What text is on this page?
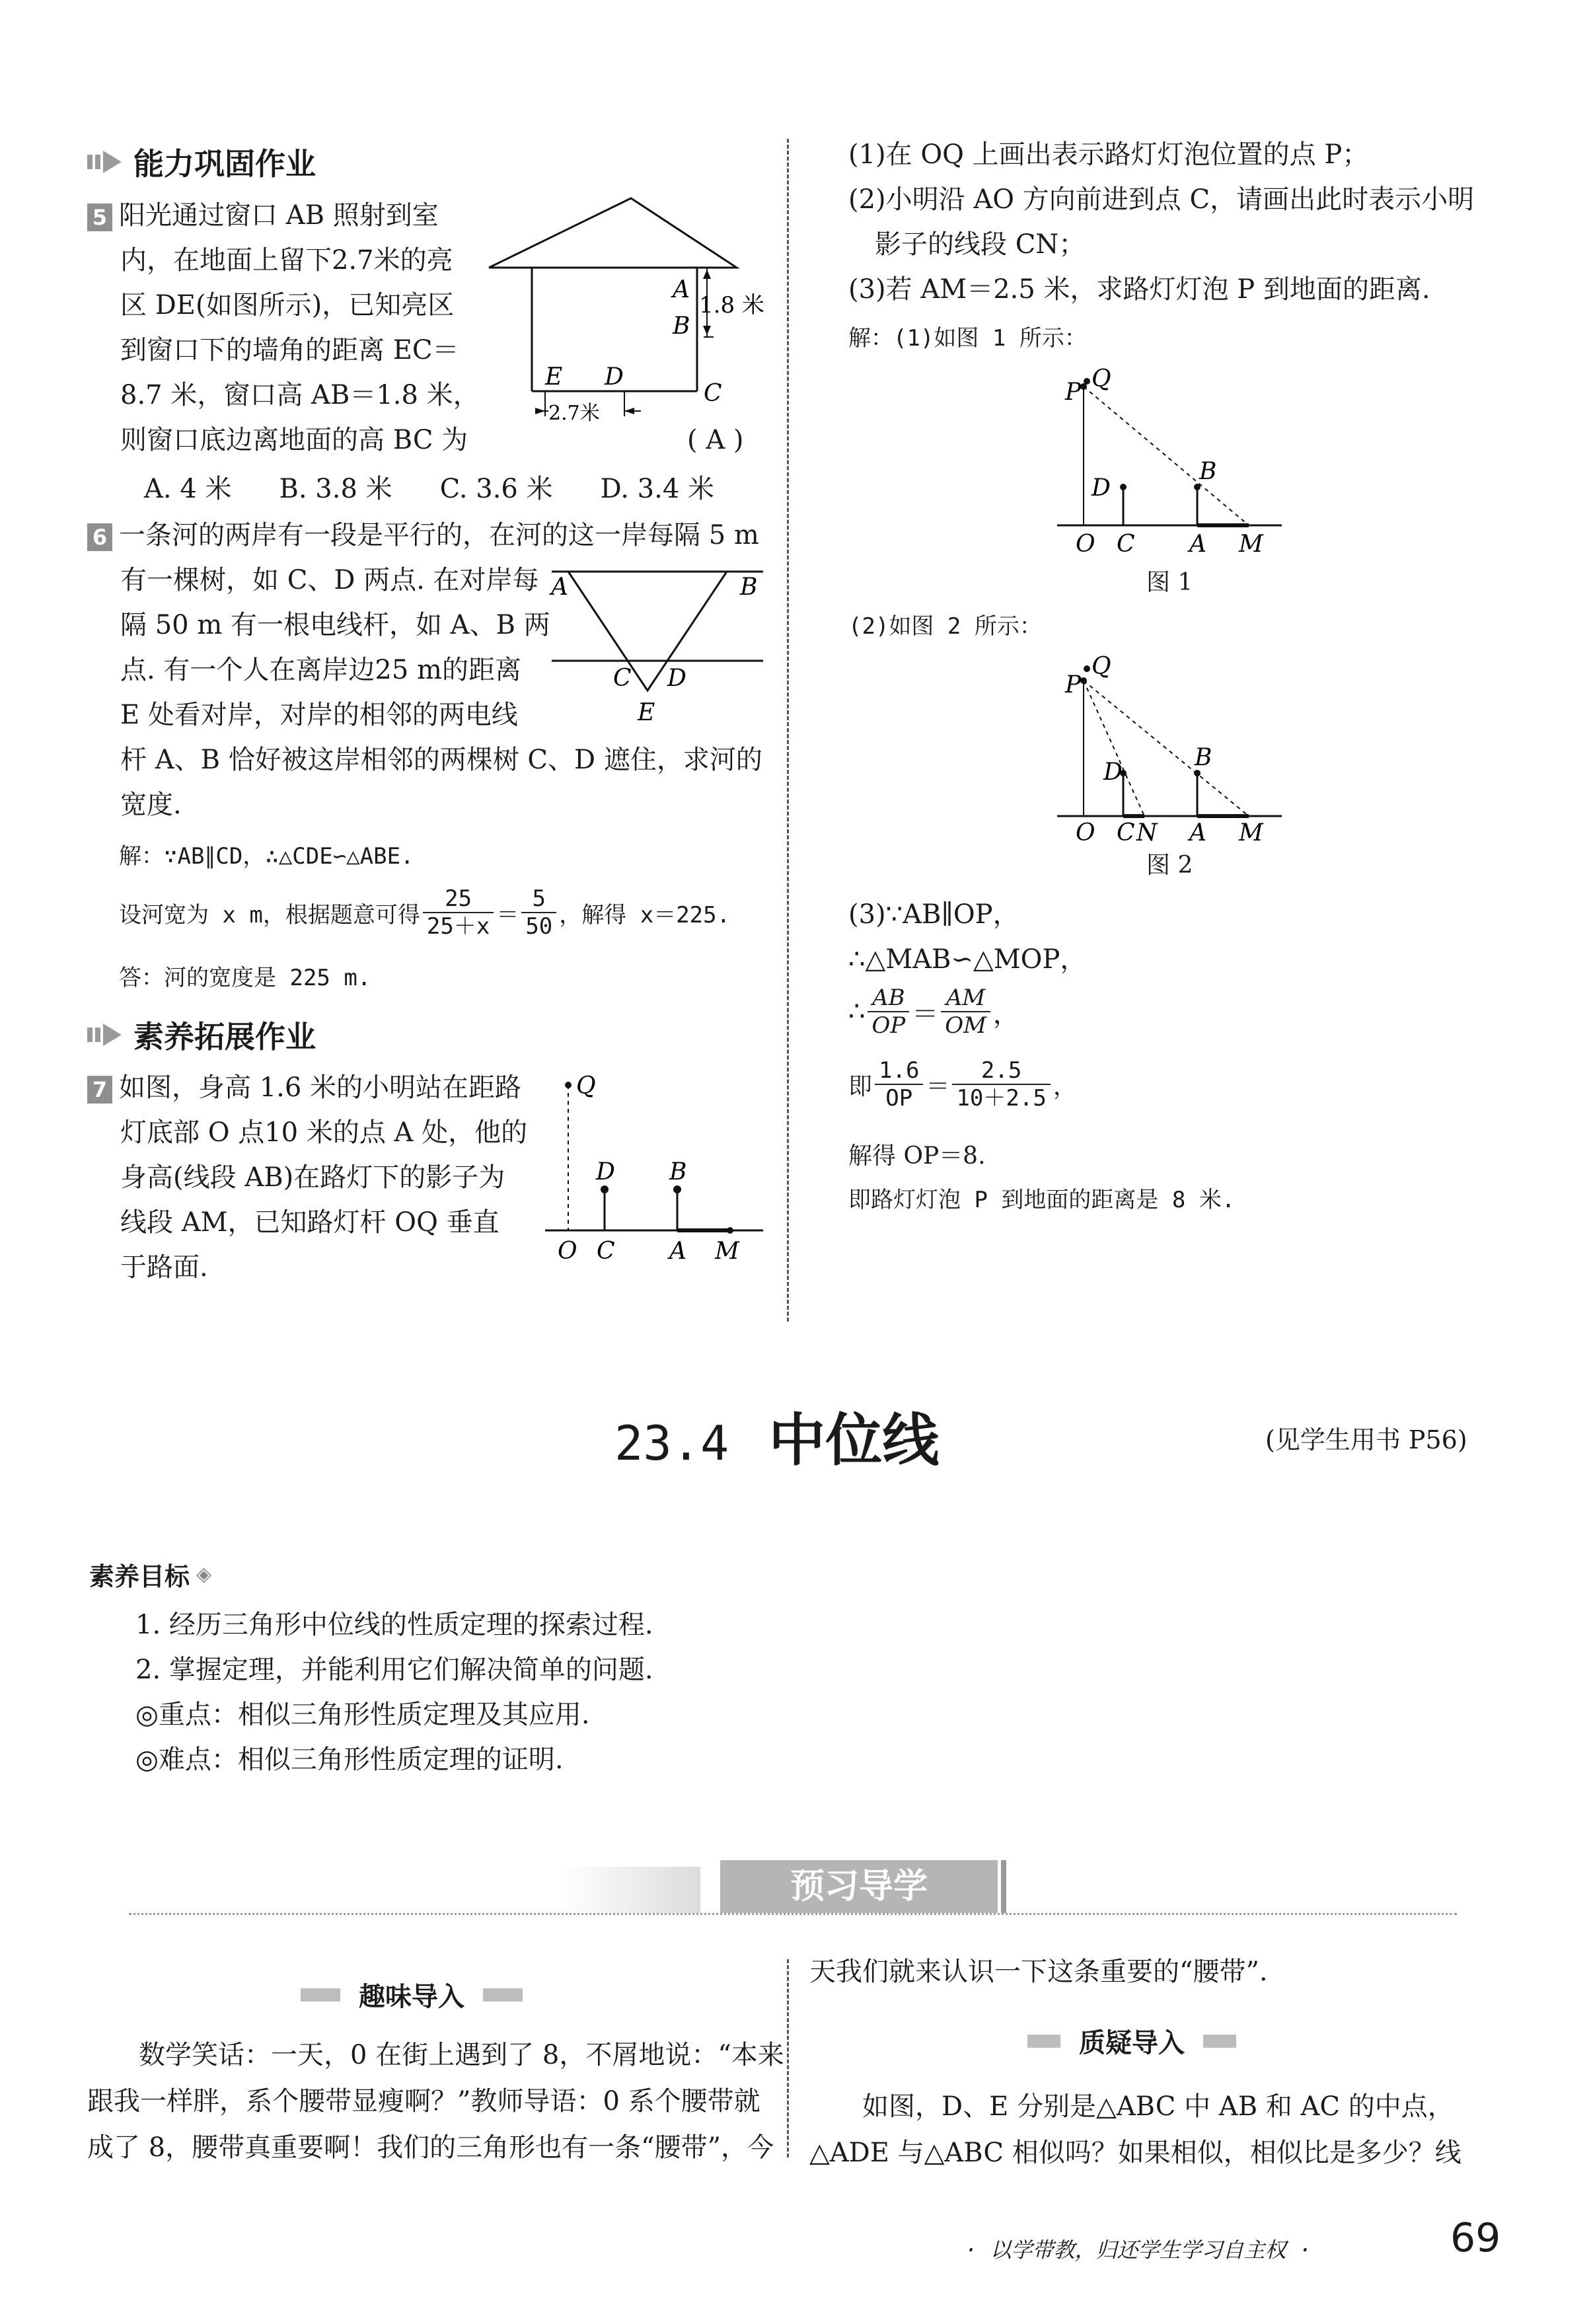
能力巩固作业
5 阳光通过窗口 AB 照射到室
内，在地面上留下2.7米的亮
区 DE(如图所示)，已知亮区
到窗口下的墙角的距离 EC＝
8.7 米，窗口高 AB＝1.8 米，
则窗口底边离地面的高 BC 为	( A )
A. 4 米 B. 3.8 米 C. 3.6 米 D. 3.4 米
A
B
C
D
E
1.8 米
2.7米
6 一条河的两岸有一段是平行的，在河的这一岸每隔 5 m
有一棵树，如 C、D 两点. 在对岸每
隔 50 m 有一根电线杆，如 A、B 两
点. 有一个人在离岸边25 m的距离
E 处看对岸，对岸的相邻的两电线
杆 A、B 恰好被这岸相邻的两棵树 C、D 遮住，求河的
宽度.
A	B
C D
E
解：∵AB∥CD，∴△CDE∽△ABE.
设河宽为 x m，根据题意可得 $\frac{25}{25+x} = \frac{5}{50}$ ，解得 x＝225.
答：河的宽度是 225 m.
素养拓展作业
7 如图，身高 1.6 米的小明站在距路
灯底部 O 点10 米的点 A 处，他的
身高(线段 AB)在路灯下的影子为
线段 AM，已知路灯杆 OQ 垂直
于路面.
Q
D B
O C A M
(1)在 OQ 上画出表示路灯灯泡位置的点 P；
(2)小明沿 AO 方向前进到点 C，请画出此时表示小明
影子的线段 CN；
(3)若 AM＝2.5 米，求路灯灯泡 P 到地面的距离.
解：(1)如图 1 所示：
P Q
D
B
O C A M
图 1
(2)如图 2 所示：
P
Q
D
B
O C N A M
图 2
(3)∵AB∥OP，
∴△MAB∽△MOP，
∴ $\frac{AB}{OP} = \frac{AM}{OM}$ ，
即 $\frac{1.6}{OP} = \frac{2.5}{10+2.5}$ ，
解得 OP＝8.
即路灯灯泡 P 到地面的距离是 8 米.
23.4 中位线	(见学生用书 P56)
素养目标 ◈
1. 经历三角形中位线的性质定理的探索过程.
2. 掌握定理，并能利用它们解决简单的问题.
◎重点：相似三角形性质定理及其应用.
◎难点：相似三角形性质定理的证明.
预习导学
趣味导入
数学笑话：一天，0 在街上遇到了 8，不屑地说：“本来
跟我一样胖，系个腰带显瘦啊？”教师导语：0 系个腰带就
成了 8，腰带真重要啊！我们的三角形也有一条“腰带”，今
天我们就来认识一下这条重要的“腰带”.
质疑导入
如图，D、E 分别是△ABC 中 AB 和 AC 的中点，
△ADE 与△ABC 相似吗？如果相似，相似比是多少？线
· 以学带教，归还学生学习自主权 ·	69
